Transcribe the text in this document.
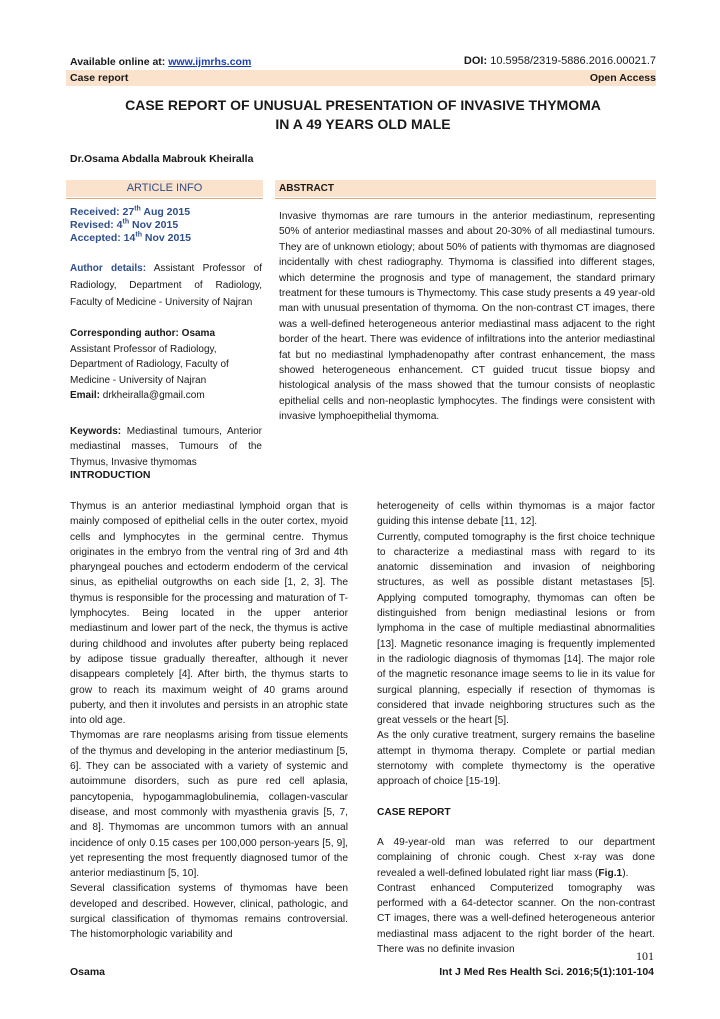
Available online at: www.ijmrhs.com	DOI: 10.5958/2319-5886.2016.00021.7
Case report	Open Access
CASE REPORT OF UNUSUAL PRESENTATION OF INVASIVE THYMOMA
IN A 49 YEARS OLD MALE
Dr.Osama Abdalla Mabrouk Kheiralla
ARTICLE INFO	ABSTRACT
Received: 27th Aug 2015
Revised: 4th Nov 2015
Accepted: 14th Nov 2015
Author details: Assistant Professor of Radiology, Department of Radiology, Faculty of Medicine - University of Najran
Corresponding author: Osama
Assistant Professor of Radiology, Department of Radiology, Faculty of Medicine - University of Najran
Email: drkheiralla@gmail.com
Keywords: Mediastinal tumours, Anterior mediastinal masses, Tumours of the Thymus, Invasive thymomas
Invasive thymomas are rare tumours in the anterior mediastinum, representing 50% of anterior mediastinal masses and about 20-30% of all mediastinal tumours. They are of unknown etiology; about 50% of patients with thymomas are diagnosed incidentally with chest radiography. Thymoma is classified into different stages, which determine the prognosis and type of management, the standard primary treatment for these tumours is Thymectomy. This case study presents a 49 year-old man with unusual presentation of thymoma. On the non-contrast CT images, there was a well-defined heterogeneous anterior mediastinal mass adjacent to the right border of the heart. There was evidence of infiltrations into the anterior mediastinal fat but no mediastinal lymphadenopathy after contrast enhancement, the mass showed heterogeneous enhancement. CT guided trucut tissue biopsy and histological analysis of the mass showed that the tumour consists of neoplastic epithelial cells and non-neoplastic lymphocytes. The findings were consistent with invasive lymphoepithelial thymoma.
INTRODUCTION

Thymus is an anterior mediastinal lymphoid organ that is mainly composed of epithelial cells in the outer cortex, myoid cells and lymphocytes in the germinal centre. Thymus originates in the embryo from the ventral ring of 3rd and 4th pharyngeal pouches and ectoderm endoderm of the cervical sinus, as epithelial outgrowths on each side [1, 2, 3]. The thymus is responsible for the processing and maturation of T-lymphocytes. Being located in the upper anterior mediastinum and lower part of the neck, the thymus is active during childhood and involutes after puberty being replaced by adipose tissue gradually thereafter, although it never disappears completely [4]. After birth, the thymus starts to grow to reach its maximum weight of 40 grams around puberty, and then it involutes and persists in an atrophic state into old age.

Thymomas are rare neoplasms arising from tissue elements of the thymus and developing in the anterior mediastinum [5, 6]. They can be associated with a variety of systemic and autoimmune disorders, such as pure red cell aplasia, pancytopenia, hypogammaglobulinemia, collagen-vascular disease, and most commonly with myasthenia gravis [5, 7, and 8]. Thymomas are uncommon tumors with an annual incidence of only 0.15 cases per 100,000 person-years [5, 9], yet representing the most frequently diagnosed tumor of the anterior mediastinum [5, 10].

Several classification systems of thymomas have been developed and described. However, clinical, pathologic, and surgical classification of thymomas remains controversial. The histomorphologic variability and

heterogeneity of cells within thymomas is a major factor guiding this intense debate [11, 12].

Currently, computed tomography is the first choice technique to characterize a mediastinal mass with regard to its anatomic dissemination and invasion of neighboring structures, as well as possible distant metastases [5]. Applying computed tomography, thymomas can often be distinguished from benign mediastinal lesions or from lymphoma in the case of multiple mediastinal abnormalities [13]. Magnetic resonance imaging is frequently implemented in the radiologic diagnosis of thymomas [14]. The major role of the magnetic resonance image seems to lie in its value for surgical planning, especially if resection of thymomas is considered that invade neighboring structures such as the great vessels or the heart [5].

As the only curative treatment, surgery remains the baseline attempt in thymoma therapy. Complete or partial median sternotomy with complete thymectomy is the operative approach of choice [15-19].

CASE REPORT

A 49-year-old man was referred to our department complaining of chronic cough. Chest x-ray was done revealed a well-defined lobulated right liar mass (Fig.1).

Contrast enhanced Computerized tomography was performed with a 64-detector scanner. On the non-contrast CT images, there was a well-defined heterogeneous anterior mediastinal mass adjacent to the right border of the heart. There was no definite invasion	101
Osama	Int J Med Res Health Sci. 2016;5(1):101-104
